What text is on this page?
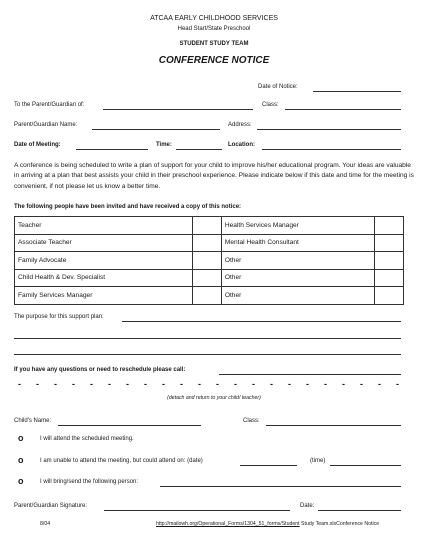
ATCAA EARLY CHILDHOOD SERVICES
Head Start/State Preschool
STUDENT STUDY TEAM
CONFERENCE NOTICE
Date of Notice:
To the Parent/Guardian of:	Class:
Parent/Guardian Name:	Address:
Date of Meeting:	Time:	Location:
A conference is being scheduled to write a plan of support for your child to improve his/her educational program. Your ideas are valuable in arriving at a plan that best assists your child in their preschool experience. Please indicate below if this date and time for the meeting is convenient, if not please let us know a better time.
The following people have been invited and have received a copy of this notice:
Teacher		Health Services Manager	
Associate Teacher		Mental Health Consultant	
Family Advocate		Other	
Child Health & Dev. Specialist		Other	
Family Services Manager		Other	
The purpose for this support plan:
If you have any questions or need to reschedule please call:
- - - - - - - - - - - - - - - - - - - - - -
(detach and return to your child/ teacher)
Child's Name:	Class:
o	I will attend the scheduled meeting.
o	I am unable to attend the meeting, but could attend on: (date)	(time)
o	I will bring/send the following person:
Parent/Guardian Signature:	Date:
8/04	http://mailowh.org/Operational_Forms/1304_51_forms/Student Study Team.xlsConference Notice
